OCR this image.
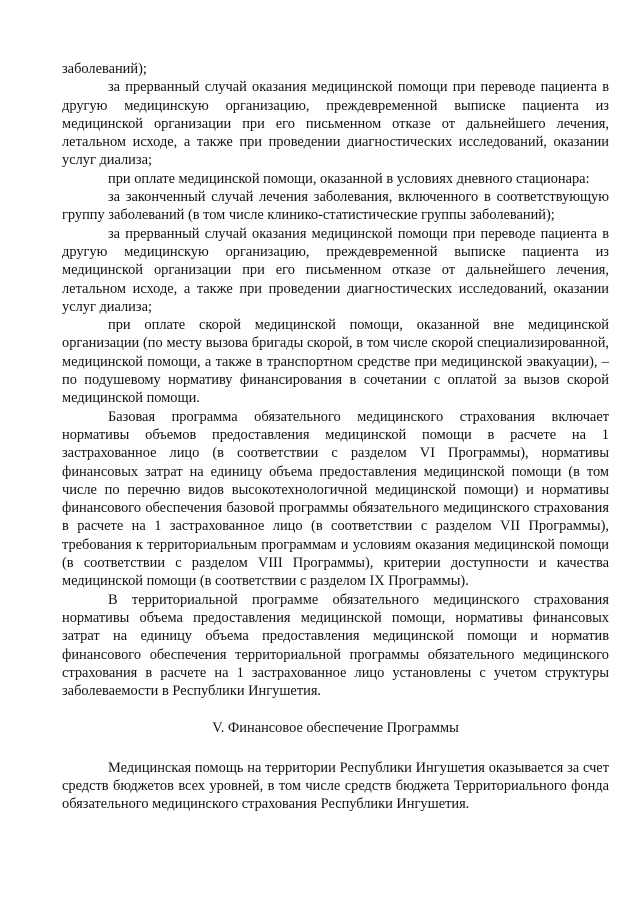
заболеваний);

за прерванный случай оказания медицинской помощи при переводе пациента в другую медицинскую организацию, преждевременной выписке пациента из медицинской организации при его письменном отказе от дальнейшего лечения, летальном исходе, а также при проведении диагностических исследований, оказании услуг диализа;

при оплате медицинской помощи, оказанной в условиях дневного стационара:

за законченный случай лечения заболевания, включенного в соответствующую группу заболеваний (в том числе клинико-статистические группы заболеваний);

за прерванный случай оказания медицинской помощи при переводе пациента в другую медицинскую организацию, преждевременной выписке пациента из медицинской организации при его письменном отказе от дальнейшего лечения, летальном исходе, а также при проведении диагностических исследований, оказании услуг диализа;

при оплате скорой медицинской помощи, оказанной вне медицинской организации (по месту вызова бригады скорой, в том числе скорой специализированной, медицинской помощи, а также в транспортном средстве при медицинской эвакуации), – по подушевому нормативу финансирования в сочетании с оплатой за вызов скорой медицинской помощи.

Базовая программа обязательного медицинского страхования включает нормативы объемов предоставления медицинской помощи в расчете на 1 застрахованное лицо (в соответствии с разделом VI Программы), нормативы финансовых затрат на единицу объема предоставления медицинской помощи (в том числе по перечню видов высокотехнологичной медицинской помощи) и нормативы финансового обеспечения базовой программы обязательного медицинского страхования в расчете на 1 застрахованное лицо (в соответствии с разделом VII Программы), требования к территориальным программам и условиям оказания медицинской помощи (в соответствии с разделом VIII Программы), критерии доступности и качества медицинской помощи (в соответствии с разделом IX Программы).

В территориальной программе обязательного медицинского страхования нормативы объема предоставления медицинской помощи, нормативы финансовых затрат на единицу объема предоставления медицинской помощи и норматив финансового обеспечения территориальной программы обязательного медицинского страхования в расчете на 1 застрахованное лицо установлены с учетом структуры заболеваемости в Республики Ингушетия.

V. Финансовое обеспечение Программы

Медицинская помощь на территории Республики Ингушетия оказывается за счет средств бюджетов всех уровней, в том числе средств бюджета Территориального фонда обязательного медицинского страхования Республики Ингушетия.
